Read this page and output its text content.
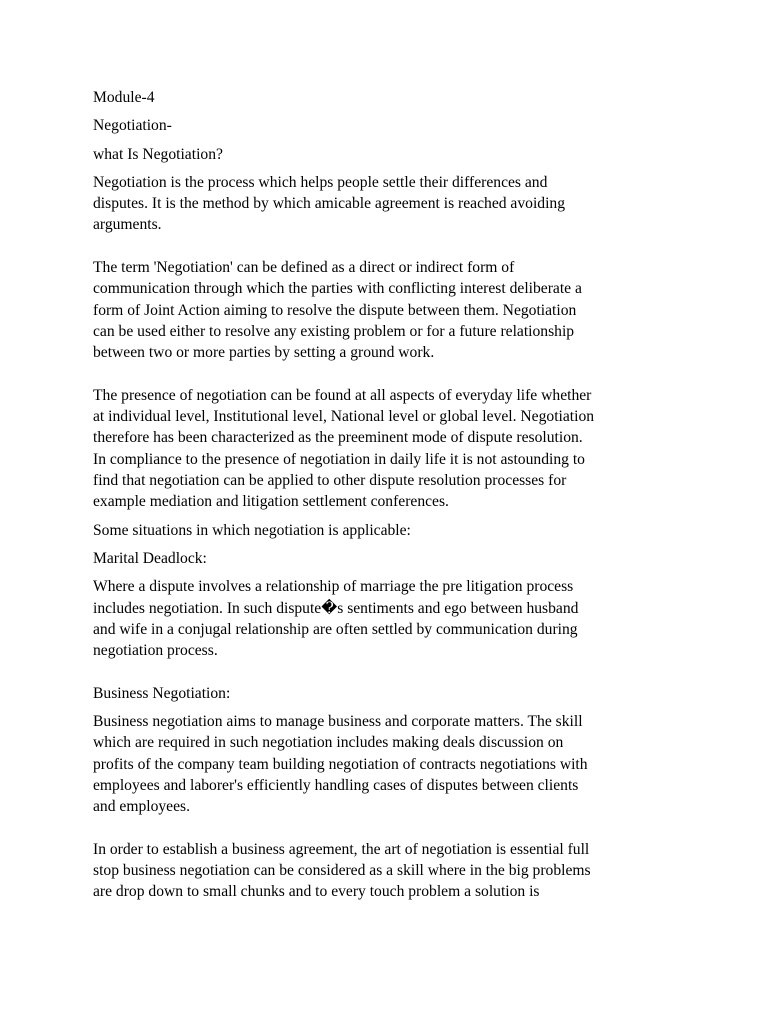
Module-4
Negotiation-
what Is Negotiation?
Negotiation is the process which helps people settle their differences and
disputes. It is the method by which amicable agreement is reached avoiding
arguments.
The term 'Negotiation' can be defined as a direct or indirect form of
communication through which the parties with conflicting interest deliberate a
form of Joint Action aiming to resolve the dispute between them. Negotiation
can be used either to resolve any existing problem or for a future relationship
between two or more parties by setting a ground work.
The presence of negotiation can be found at all aspects of everyday life whether
at individual level, Institutional level, National level or global level. Negotiation
therefore has been characterized as the preeminent mode of dispute resolution.
In compliance to the presence of negotiation in daily life it is not astounding to
find that negotiation can be applied to other dispute resolution processes for
example mediation and litigation settlement conferences.
Some situations in which negotiation is applicable:
Marital Deadlock:
Where a dispute involves a relationship of marriage the pre litigation process
includes negotiation. In such dispute�s sentiments and ego between husband
and wife in a conjugal relationship are often settled by communication during
negotiation process.
Business Negotiation:
Business negotiation aims to manage business and corporate matters. The skill
which are required in such negotiation includes making deals discussion on
profits of the company team building negotiation of contracts negotiations with
employees and laborer's efficiently handling cases of disputes between clients
and employees.
In order to establish a business agreement, the art of negotiation is essential full
stop business negotiation can be considered as a skill where in the big problems
are drop down to small chunks and to every touch problem a solution is
